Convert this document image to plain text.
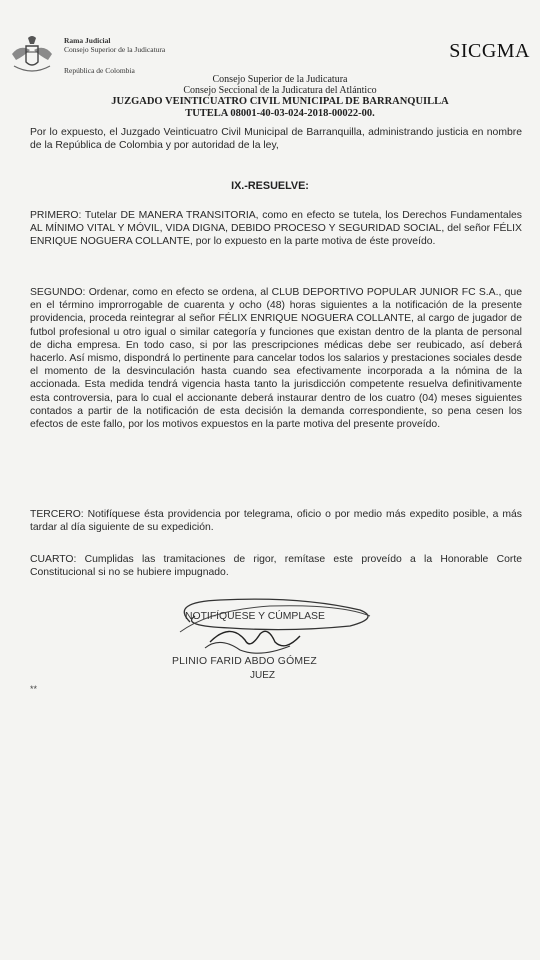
Rama Judicial
Consejo Superior de la Judicatura
República de Colombia
SICGMA
Consejo Superior de la Judicatura
Consejo Seccional de la Judicatura del Atlántico
JUZGADO VEINTICUATRO CIVIL MUNICIPAL DE BARRANQUILLA
TUTELA 08001-40-03-024-2018-00022-00.
Por lo expuesto, el Juzgado Veinticuatro Civil Municipal de Barranquilla, administrando justicia en nombre de la República de Colombia y por autoridad de la ley,
IX.-RESUELVE:
PRIMERO: Tutelar DE MANERA TRANSITORIA, como en efecto se tutela, los Derechos Fundamentales AL MÍNIMO VITAL Y MÓVIL, VIDA DIGNA, DEBIDO PROCESO Y SEGURIDAD SOCIAL, del señor FÉLIX ENRIQUE NOGUERA COLLANTE, por lo expuesto en la parte motiva de éste proveído.
SEGUNDO: Ordenar, como en efecto se ordena, al CLUB DEPORTIVO POPULAR JUNIOR FC S.A., que en el término improrrogable de cuarenta y ocho (48) horas siguientes a la notificación de la presente providencia, proceda reintegrar al señor FÉLIX ENRIQUE NOGUERA COLLANTE, al cargo de jugador de futbol profesional u otro igual o similar categoría y funciones que existan dentro de la planta de personal de dicha empresa. En todo caso, si por las prescripciones médicas debe ser reubicado, así deberá hacerlo. Así mismo, dispondrá lo pertinente para cancelar todos los salarios y prestaciones sociales desde el momento de la desvinculación hasta cuando sea efectivamente incorporada a la nómina de la accionada. Esta medida tendrá vigencia hasta tanto la jurisdicción competente resuelva definitivamente esta controversia, para lo cual el accionante deberá instaurar dentro de los cuatro (04) meses siguientes contados a partir de la notificación de esta decisión la demanda correspondiente, so pena cesen los efectos de este fallo, por los motivos expuestos en la parte motiva del presente proveído.
TERCERO: Notifíquese ésta providencia por telegrama, oficio o por medio más expedito posible, a más tardar al día siguiente de su expedición.
CUARTO: Cumplidas las tramitaciones de rigor, remítase este proveído a la Honorable Corte Constitucional si no se hubiere impugnado.
NOTIFÍQUESE Y CÚMPLASE
PLINIO FARID ABDO GÓMEZ
JUEZ
**
